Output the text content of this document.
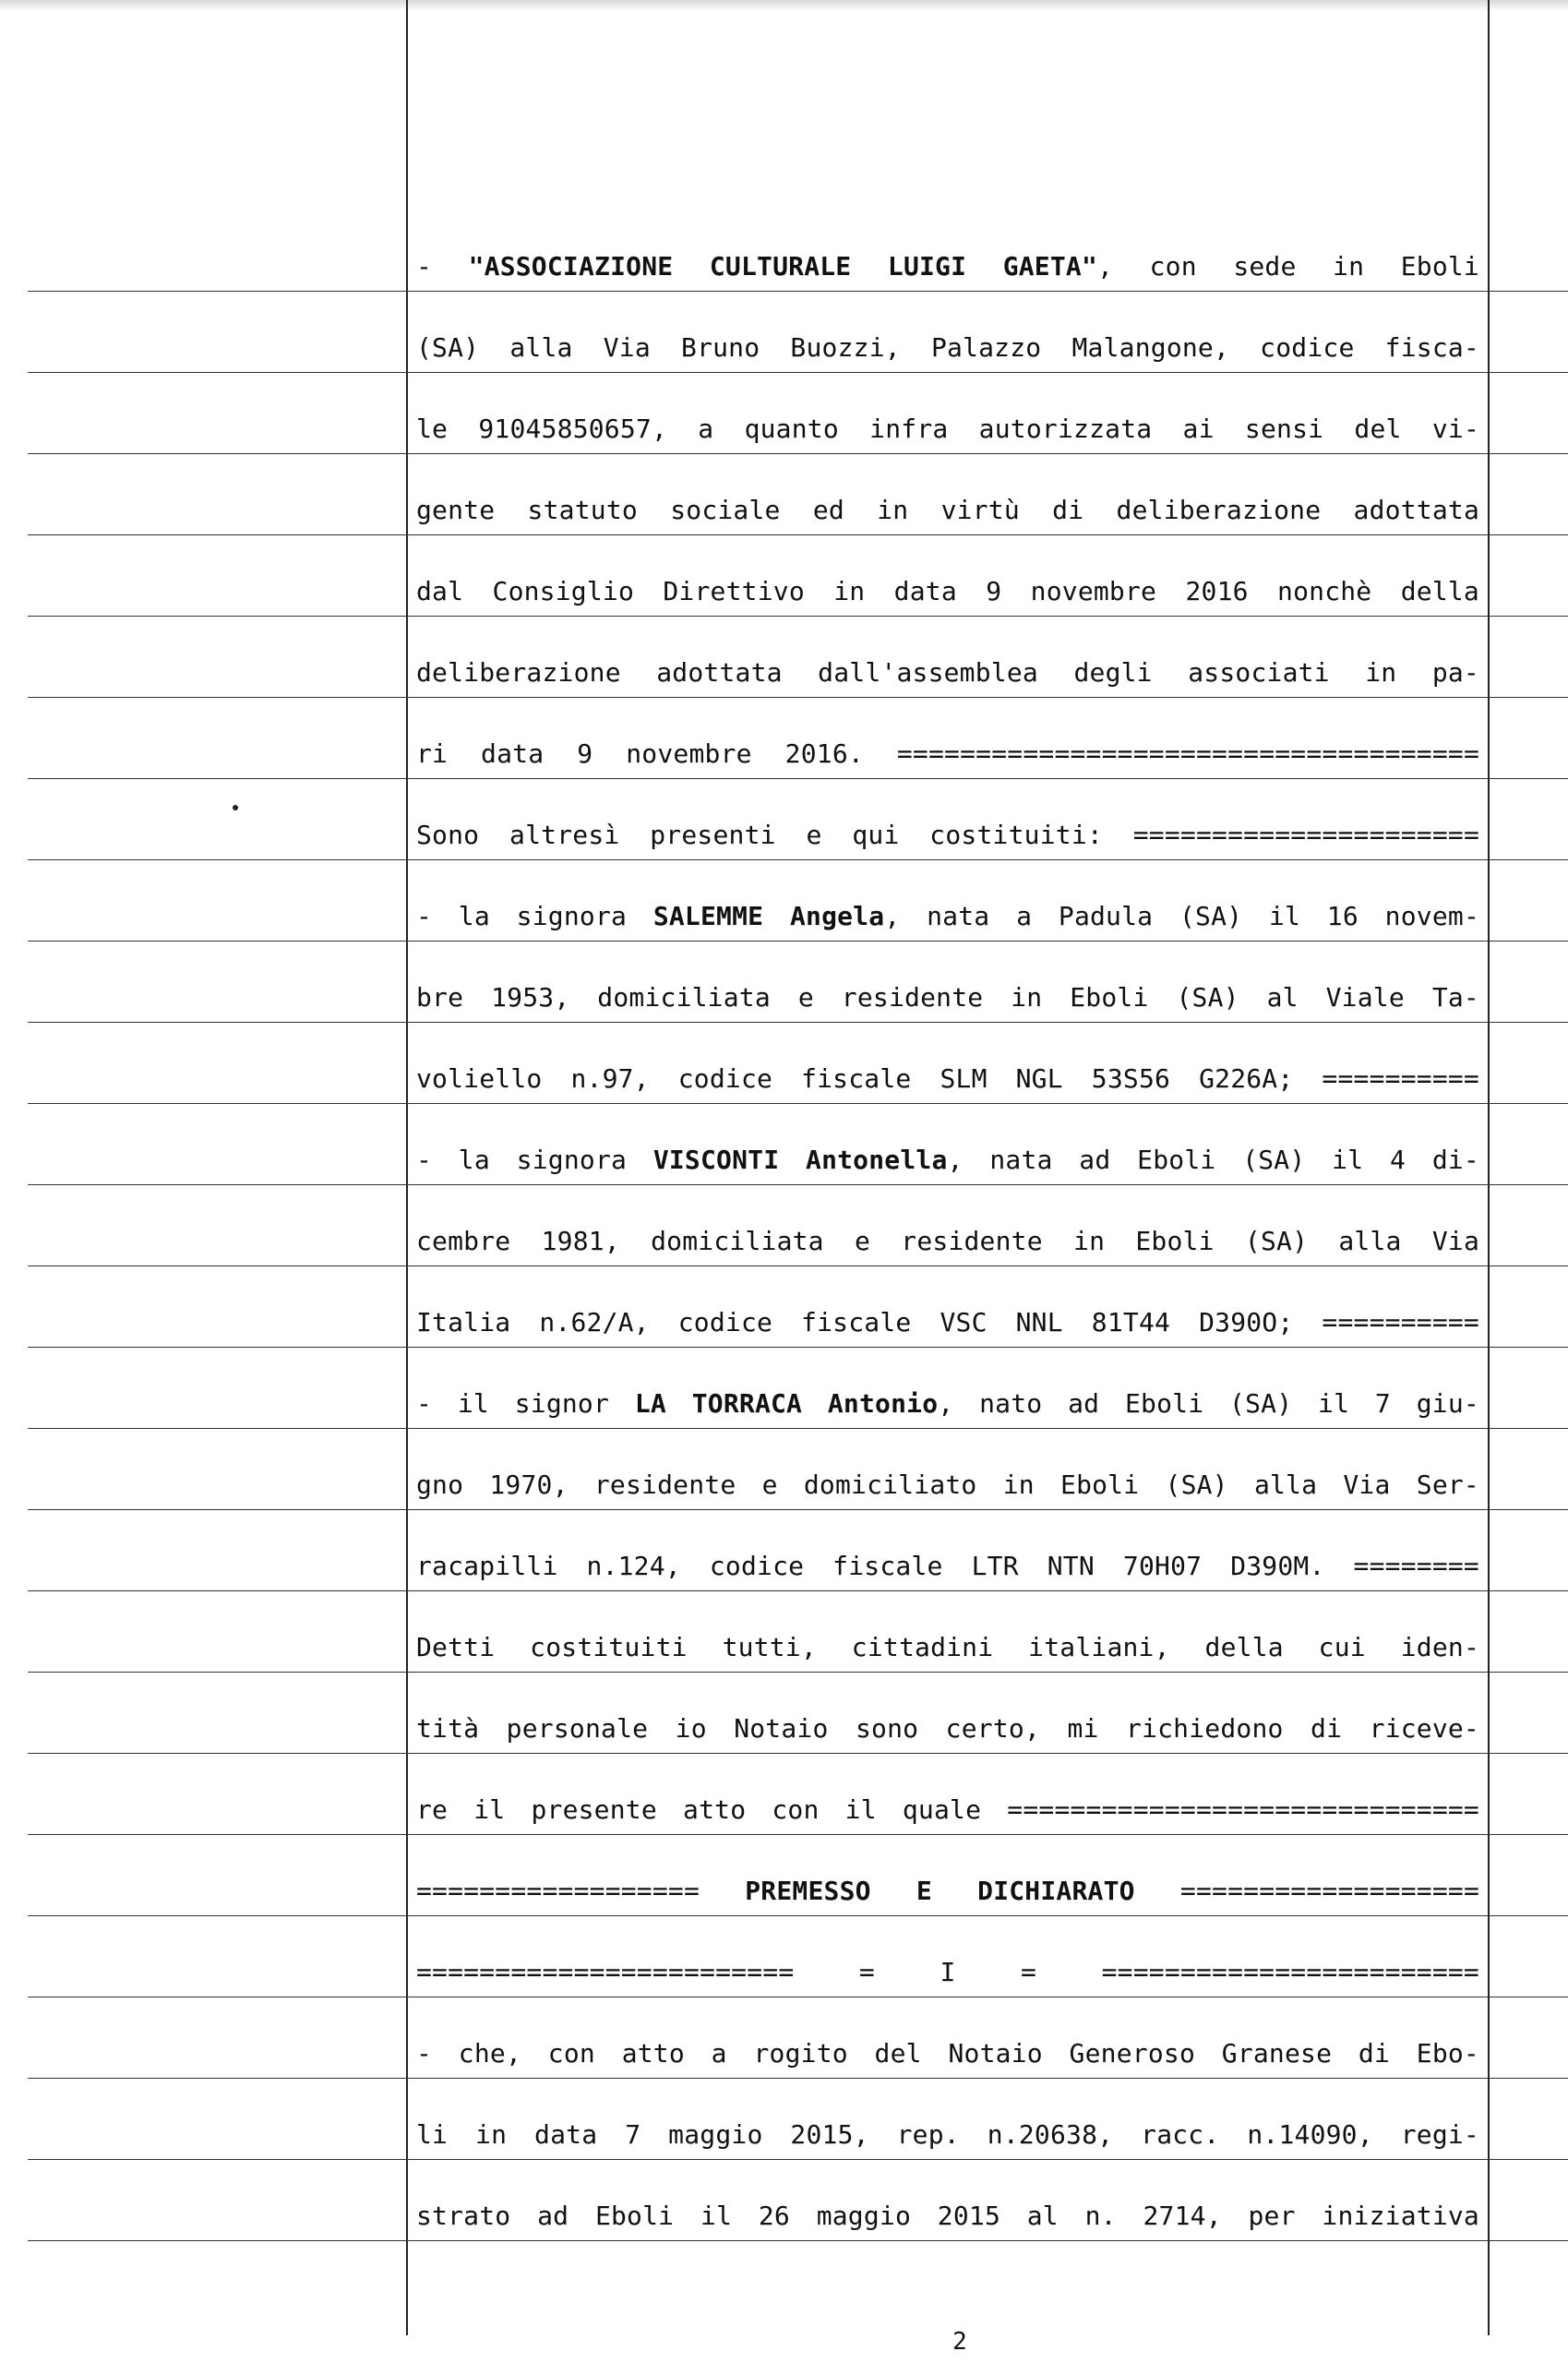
- "ASSOCIAZIONE CULTURALE LUIGI GAETA", con sede in Eboli
(SA) alla Via Bruno Buozzi, Palazzo Malangone, codice fisca-
le 91045850657, a quanto infra autorizzata ai sensi del vi-
gente statuto sociale ed in virtù di deliberazione adottata
dal Consiglio Direttivo in data 9 novembre 2016 nonchè della
deliberazione adottata dall'assemblea degli associati in pa-
ri data 9 novembre 2016. =====================================
Sono altresì presenti e qui costituiti: ======================
- la signora SALEMME Angela, nata a Padula (SA) il 16 novem-
bre 1953, domiciliata e residente in Eboli (SA) al Viale Ta-
voliello n.97, codice fiscale SLM NGL 53S56 G226A; ==========
- la signora VISCONTI Antonella, nata ad Eboli (SA) il 4 di-
cembre 1981, domiciliata e residente in Eboli (SA) alla Via
Italia n.62/A, codice fiscale VSC NNL 81T44 D390O; ==========
- il signor LA TORRACA Antonio, nato ad Eboli (SA) il 7 giu-
gno 1970, residente e domiciliato in Eboli (SA) alla Via Ser-
racapilli n.124, codice fiscale LTR NTN 70H07 D390M. ========
Detti costituiti tutti, cittadini italiani, della cui iden-
tità personale io Notaio sono certo, mi richiedono di riceve-
re il presente atto con il quale ==============================
================== PREMESSO E DICHIARATO ===================
======================== = I = ========================
- che, con atto a rogito del Notaio Generoso Granese di Ebo-
li in data 7 maggio 2015, rep. n.20638, racc. n.14090, regi-
strato ad Eboli il 26 maggio 2015 al n. 2714, per iniziativa
2
